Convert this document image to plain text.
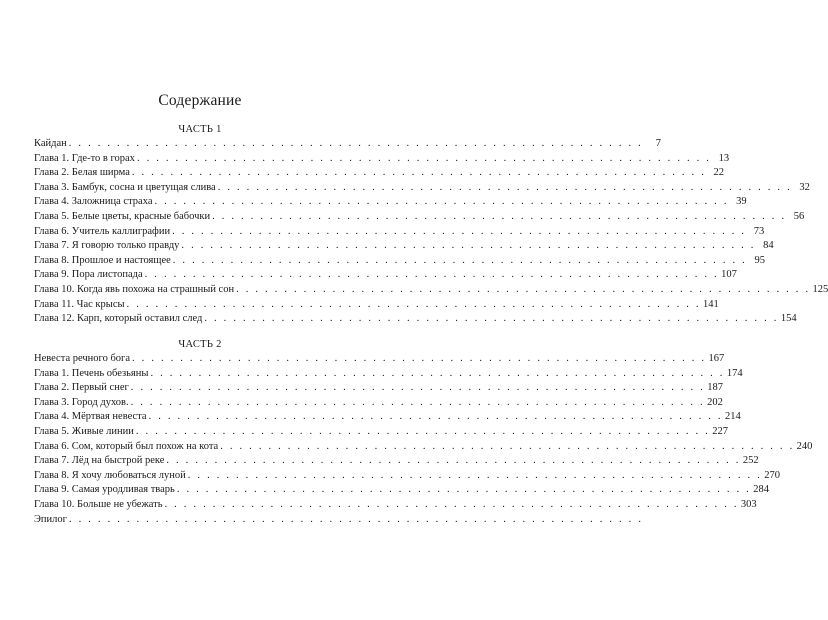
Содержание
ЧАСТЬ 1
Кайдан . . . . . . . . . . . . . . . . . . . . . . . . . . . . . . . . . . . . . . . . . . . . . . . . . . . . . . . . . . . .	7
Глава 1. Где-то в горах . . . . . . . . . . . . . . . . . . . . . . . . . . . . . . . . . . . . . . . . . . . . . . . . . . . . . . . . . . . . 13
Глава 2. Белая ширма . . . . . . . . . . . . . . . . . . . . . . . . . . . . . . . . . . . . . . . . . . . . . . . . . . . . . . . . . . . . 22
Глава 3. Бамбук, сосна и цветущая слива . . . . . . . . . . . . . . . . . . . . . . . . . . . . . . . . . . . . . . . . . . . . . . . . . . . . . . . . . . . . 32
Глава 4. Заложница страха . . . . . . . . . . . . . . . . . . . . . . . . . . . . . . . . . . . . . . . . . . . . . . . . . . . . . . . . . . . . 39
Глава 5. Белые цветы, красные бабочки . . . . . . . . . . . . . . . . . . . . . . . . . . . . . . . . . . . . . . . . . . . . . . . . . . . . . . . . . . . . 56
Глава 6. Учитель каллиграфии . . . . . . . . . . . . . . . . . . . . . . . . . . . . . . . . . . . . . . . . . . . . . . . . . . . . . . . . . . . . 73
Глава 7. Я говорю только правду . . . . . . . . . . . . . . . . . . . . . . . . . . . . . . . . . . . . . . . . . . . . . . . . . . . . . . . . . . . . 84
Глава 8. Прошлое и настоящее . . . . . . . . . . . . . . . . . . . . . . . . . . . . . . . . . . . . . . . . . . . . . . . . . . . . . . . . . . . . 95
Глава 9. Пора листопада . . . . . . . . . . . . . . . . . . . . . . . . . . . . . . . . . . . . . . . . . . . . . . . . . . . . . . . . . . . . 107
Глава 10. Когда явь похожа на страшный сон . . . . . . . . . . . . . . . . . . . . . . . . . . . . . . . . . . . . . . . . . . . . . . . . . . . . . . . . . . . . 125
Глава 11. Час крысы . . . . . . . . . . . . . . . . . . . . . . . . . . . . . . . . . . . . . . . . . . . . . . . . . . . . . . . . . . . . 141
Глава 12. Карп, который оставил след . . . . . . . . . . . . . . . . . . . . . . . . . . . . . . . . . . . . . . . . . . . . . . . . . . . . . . . . . . . . 154
ЧАСТЬ 2
Невеста речного бога . . . . . . . . . . . . . . . . . . . . . . . . . . . . . . . . . . . . . . . . . . . . . . . . . . . . . . . . . . . . 167
Глава 1. Печень обезьяны . . . . . . . . . . . . . . . . . . . . . . . . . . . . . . . . . . . . . . . . . . . . . . . . . . . . . . . . . . . . 174
Глава 2. Первый снег . . . . . . . . . . . . . . . . . . . . . . . . . . . . . . . . . . . . . . . . . . . . . . . . . . . . . . . . . . . . 187
Глава 3. Город духов. . . . . . . . . . . . . . . . . . . . . . . . . . . . . . . . . . . . . . . . . . . . . . . . . . . . . . . . . . . . . 202
Глава 4. Мёртвая невеста . . . . . . . . . . . . . . . . . . . . . . . . . . . . . . . . . . . . . . . . . . . . . . . . . . . . . . . . . . . . 214
Глава 5. Живые линии . . . . . . . . . . . . . . . . . . . . . . . . . . . . . . . . . . . . . . . . . . . . . . . . . . . . . . . . . . . . 227
Глава 6. Сом, который был похож на кота . . . . . . . . . . . . . . . . . . . . . . . . . . . . . . . . . . . . . . . . . . . . . . . . . . . . . . . . . . . . 240
Глава 7. Лёд на быстрой реке . . . . . . . . . . . . . . . . . . . . . . . . . . . . . . . . . . . . . . . . . . . . . . . . . . . . . . . . . . . . 252
Глава 8. Я хочу любоваться луной . . . . . . . . . . . . . . . . . . . . . . . . . . . . . . . . . . . . . . . . . . . . . . . . . . . . . . . . . . . . 270
Глава 9. Самая уродливая тварь . . . . . . . . . . . . . . . . . . . . . . . . . . . . . . . . . . . . . . . . . . . . . . . . . . . . . . . . . . . . 284
Глава 10. Больше не убежать . . . . . . . . . . . . . . . . . . . . . . . . . . . . . . . . . . . . . . . . . . . . . . . . . . . . . . . . . . . . 303
Эпилог . . . . . . . . . . . . . . . . . . . . . . . . . . . . . . . . . . . . . . . . . . . . . . . . . . . . . . . . . . . .
